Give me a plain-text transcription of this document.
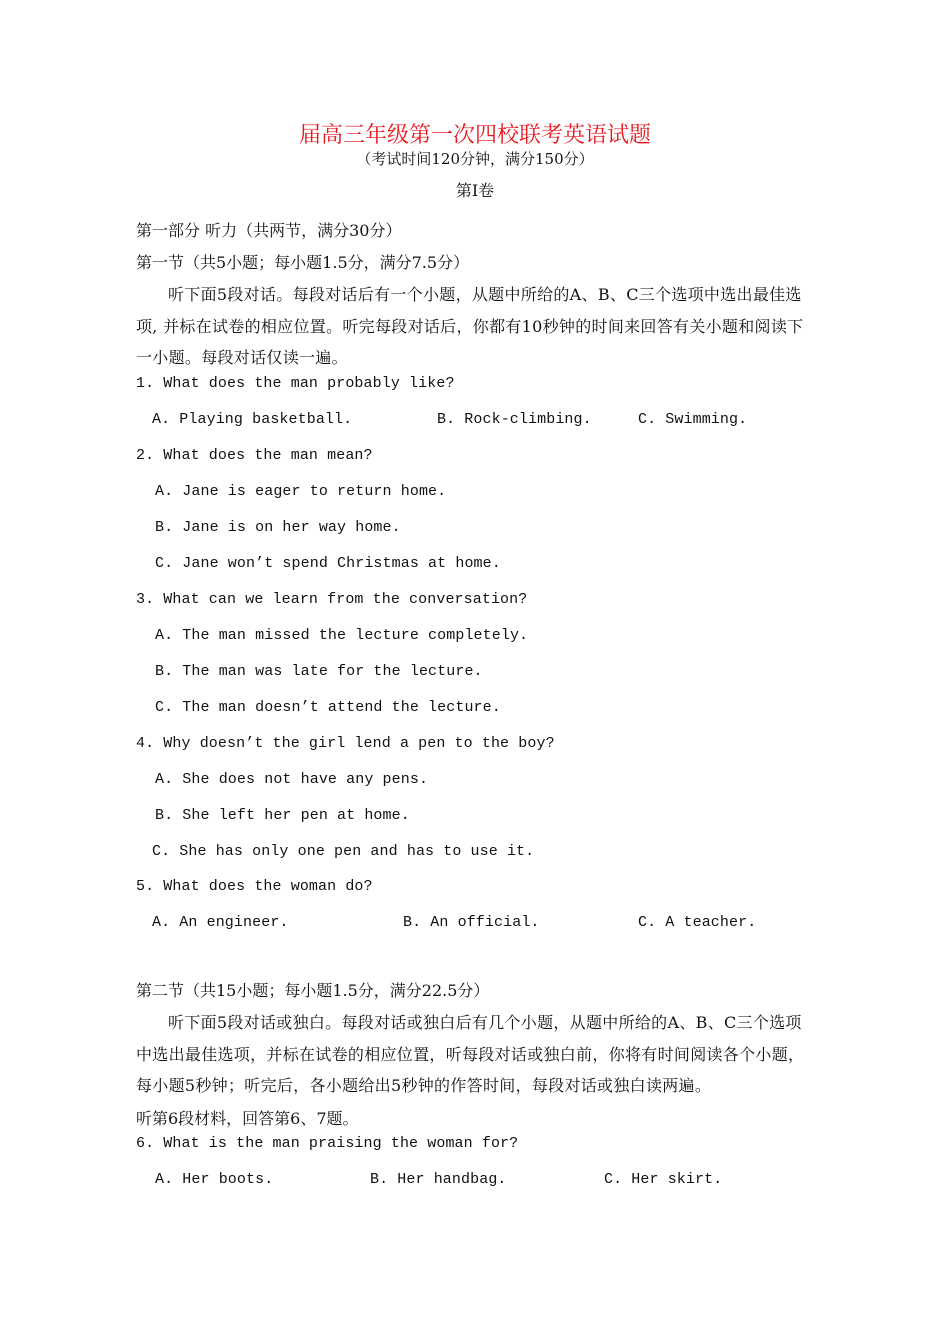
届高三年级第一次四校联考英语试题
（考试时间120分钟，满分150分）
第Ⅰ卷
第一部分 听力（共两节，满分30分）
第一节（共5小题；每小题1.5分，满分7.5分）
听下面5段对话。每段对话后有一个小题，从题中所给的A、B、C三个选项中选出最佳选项, 并标在试卷的相应位置。听完每段对话后，你都有10秒钟的时间来回答有关小题和阅读下一小题。每段对话仅读一遍。
1. What does the man probably like?
A. Playing basketball.	B. Rock-climbing.	C. Swimming.
2. What does the man mean?
A. Jane is eager to return home.
B. Jane is on her way home.
C. Jane won’t spend Christmas at home.
3. What can we learn from the conversation?
A. The man missed the lecture completely.
B. The man was late for the lecture.
C. The man doesn’t attend the lecture.
4. Why doesn’t the girl lend a pen to the boy?
A. She does not have any pens.
B. She left her pen at home.
C. She has only one pen and has to use it.
5. What does the woman do?
A. An engineer.	B. An official.	C. A teacher.
第二节（共15小题；每小题1.5分，满分22.5分）
听下面5段对话或独白。每段对话或独白后有几个小题，从题中所给的A、B、C三个选项中选出最佳选项，并标在试卷的相应位置，听每段对话或独白前，你将有时间阅读各个小题，每小题5秒钟；听完后，各小题给出5秒钟的作答时间，每段对话或独白读两遍。
听第6段材料，回答第6、7题。
6. What is the man praising the woman for?
A. Her boots.	B. Her handbag.	C. Her skirt.
